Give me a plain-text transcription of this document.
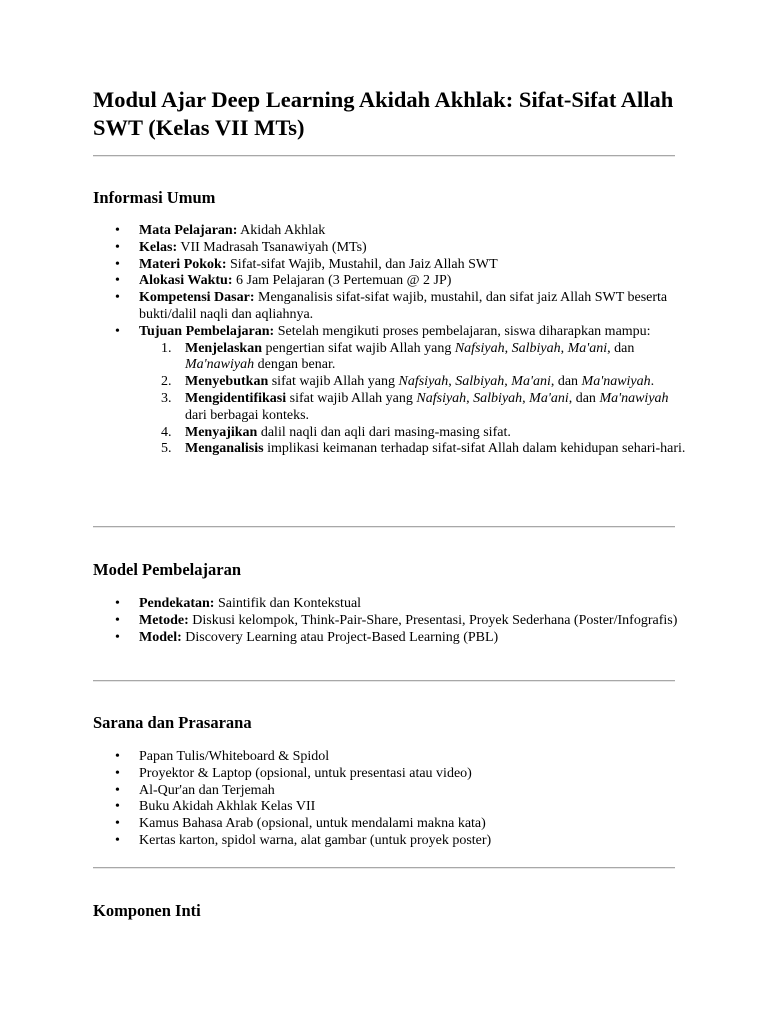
Modul Ajar Deep Learning Akidah Akhlak: Sifat-Sifat Allah SWT (Kelas VII MTs)
Informasi Umum
• Mata Pelajaran: Akidah Akhlak
• Kelas: VII Madrasah Tsanawiyah (MTs)
• Materi Pokok: Sifat-sifat Wajib, Mustahil, dan Jaiz Allah SWT
• Alokasi Waktu: 6 Jam Pelajaran (3 Pertemuan @ 2 JP)
• Kompetensi Dasar: Menganalisis sifat-sifat wajib, mustahil, dan sifat jaiz Allah SWT beserta bukti/dalil naqli dan aqliahnya.
• Tujuan Pembelajaran: Setelah mengikuti proses pembelajaran, siswa diharapkan mampu:
1. Menjelaskan pengertian sifat wajib Allah yang Nafsiyah, Salbiyah, Ma'ani, dan Ma'nawiyah dengan benar.
2. Menyebutkan sifat wajib Allah yang Nafsiyah, Salbiyah, Ma'ani, dan Ma'nawiyah.
3. Mengidentifikasi sifat wajib Allah yang Nafsiyah, Salbiyah, Ma'ani, dan Ma'nawiyah dari berbagai konteks.
4. Menyajikan dalil naqli dan aqli dari masing-masing sifat.
5. Menganalisis implikasi keimanan terhadap sifat-sifat Allah dalam kehidupan sehari-hari.
Model Pembelajaran
• Pendekatan: Saintifik dan Kontekstual
• Metode: Diskusi kelompok, Think-Pair-Share, Presentasi, Proyek Sederhana (Poster/Infografis)
• Model: Discovery Learning atau Project-Based Learning (PBL)
Sarana dan Prasarana
• Papan Tulis/Whiteboard & Spidol
• Proyektor & Laptop (opsional, untuk presentasi atau video)
• Al-Qur'an dan Terjemah
• Buku Akidah Akhlak Kelas VII
• Kamus Bahasa Arab (opsional, untuk mendalami makna kata)
• Kertas karton, spidol warna, alat gambar (untuk proyek poster)
Komponen Inti
